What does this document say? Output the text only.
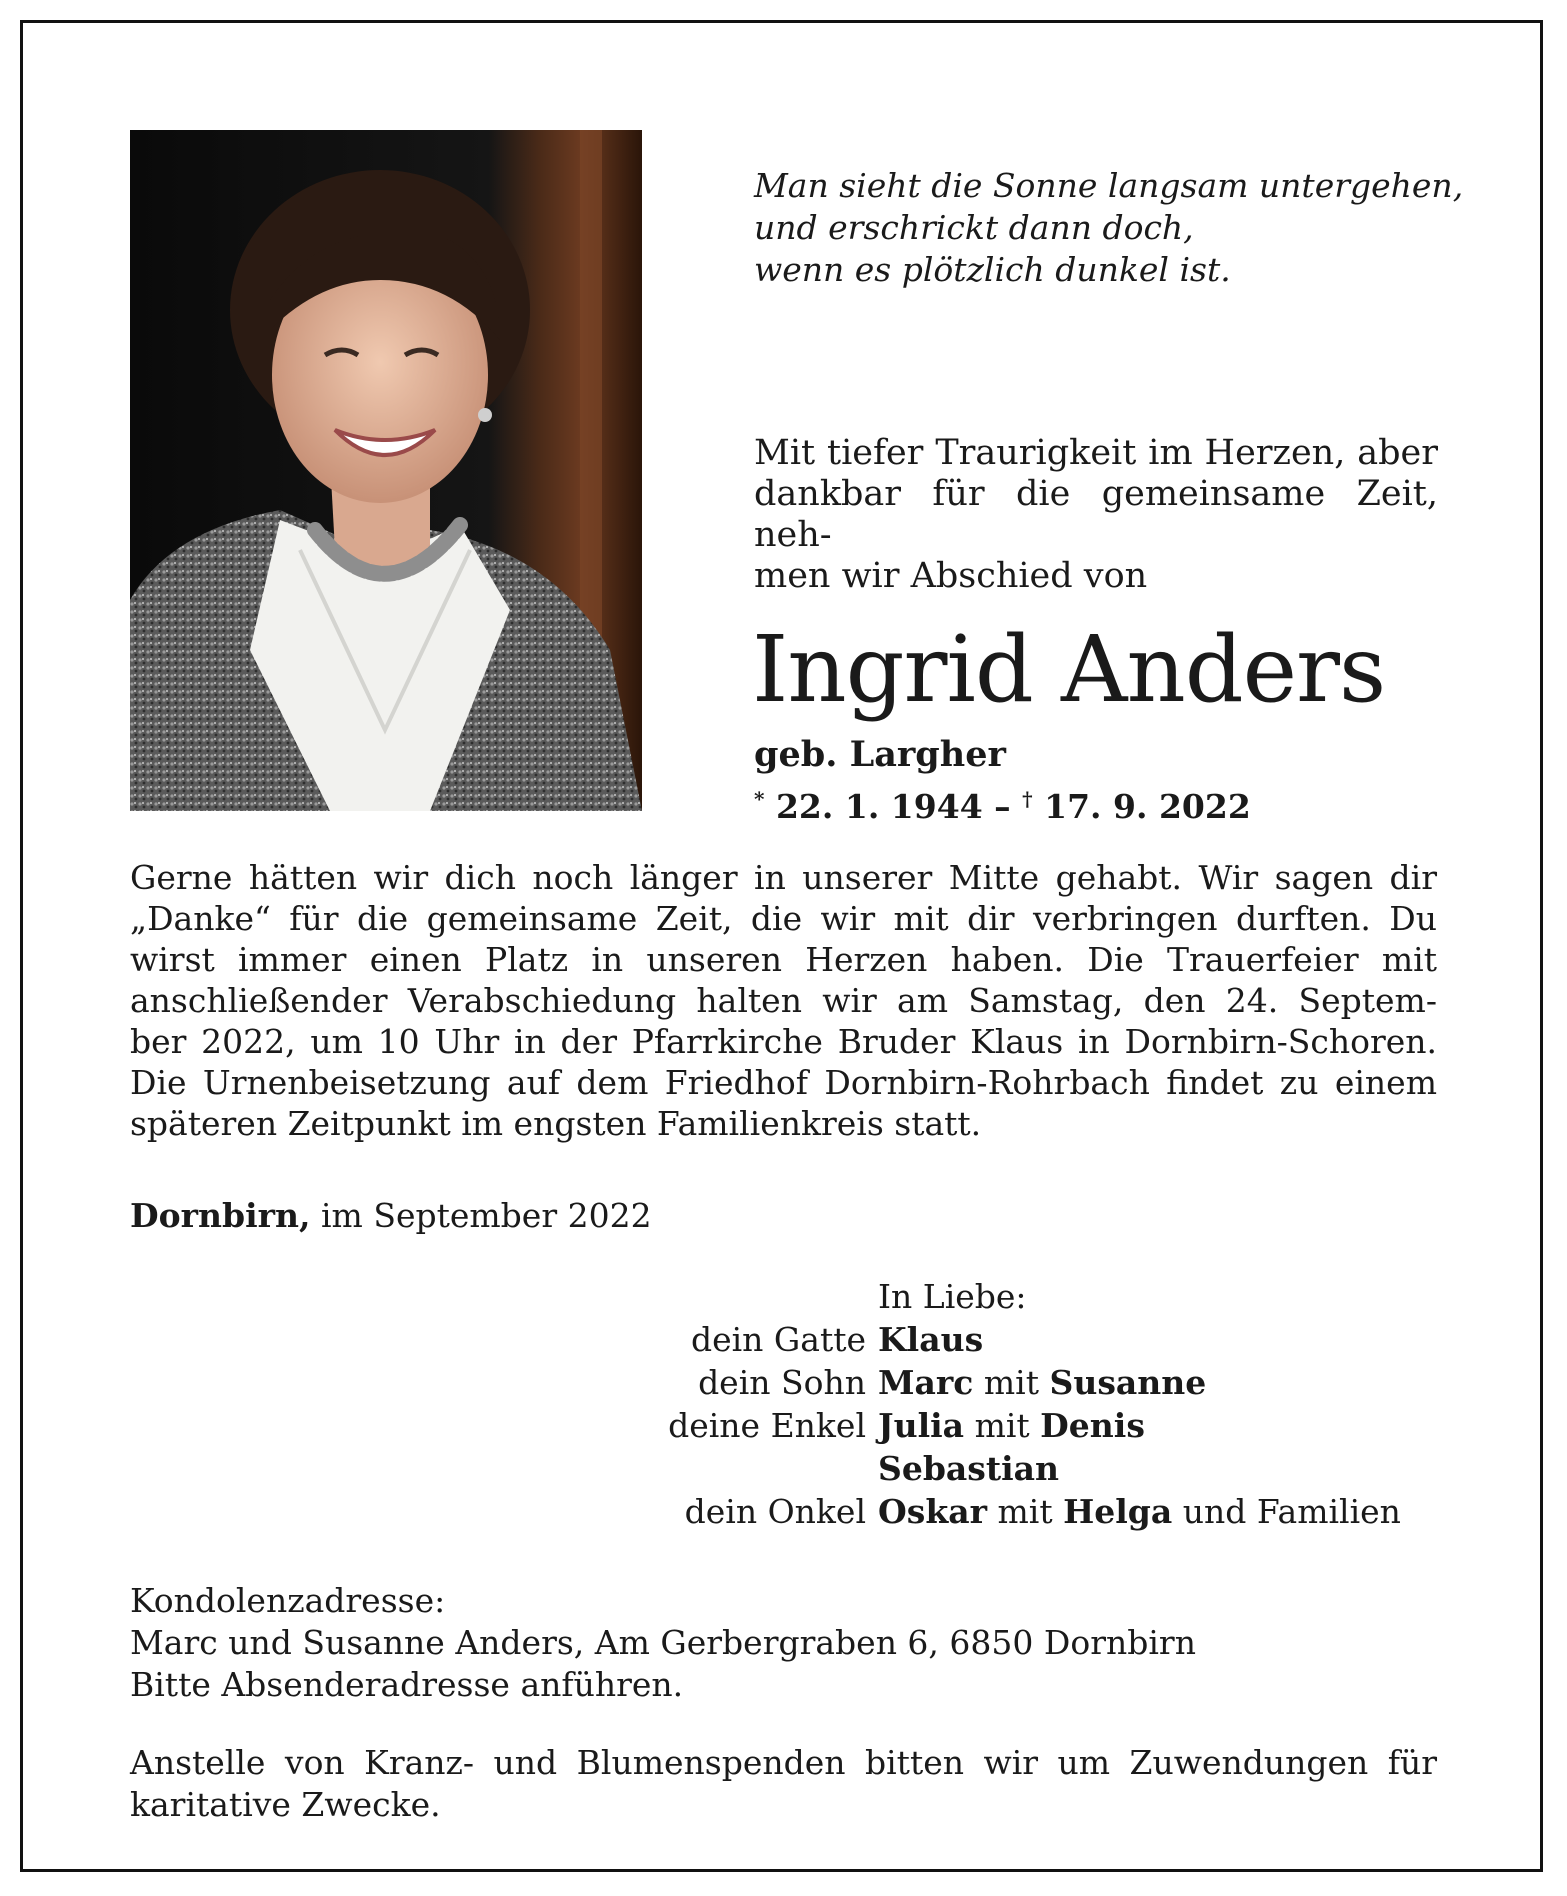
Man sieht die Sonne langsam untergehen,
und erschrickt dann doch,
wenn es plötzlich dunkel ist.
Mit tiefer Traurigkeit im Herzen, aber
dankbar für die gemeinsame Zeit, neh-
men wir Abschied von
Ingrid Anders
geb. Largher
* 22. 1. 1944 – † 17. 9. 2022
Gerne hätten wir dich noch länger in unserer Mitte gehabt. Wir sagen dir
„Danke“ für die gemeinsame Zeit, die wir mit dir verbringen durften. Du
wirst immer einen Platz in unseren Herzen haben. Die Trauerfeier mit
anschließender Verabschiedung halten wir am Samstag, den 24. Septem-
ber 2022, um 10 Uhr in der Pfarrkirche Bruder Klaus in Dornbirn-Schoren.
Die Urnenbeisetzung auf dem Friedhof Dornbirn-Rohrbach findet zu einem
späteren Zeitpunkt im engsten Familienkreis statt.
Dornbirn, im September 2022
In Liebe:
dein Gatte Klaus
dein Sohn Marc mit Susanne
deine Enkel Julia mit Denis
Sebastian
dein Onkel Oskar mit Helga und Familien
Kondolenzadresse:
Marc und Susanne Anders, Am Gerbergraben 6, 6850 Dornbirn
Bitte Absenderadresse anführen.
Anstelle von Kranz- und Blumenspenden bitten wir um Zuwendungen für
karitative Zwecke.
